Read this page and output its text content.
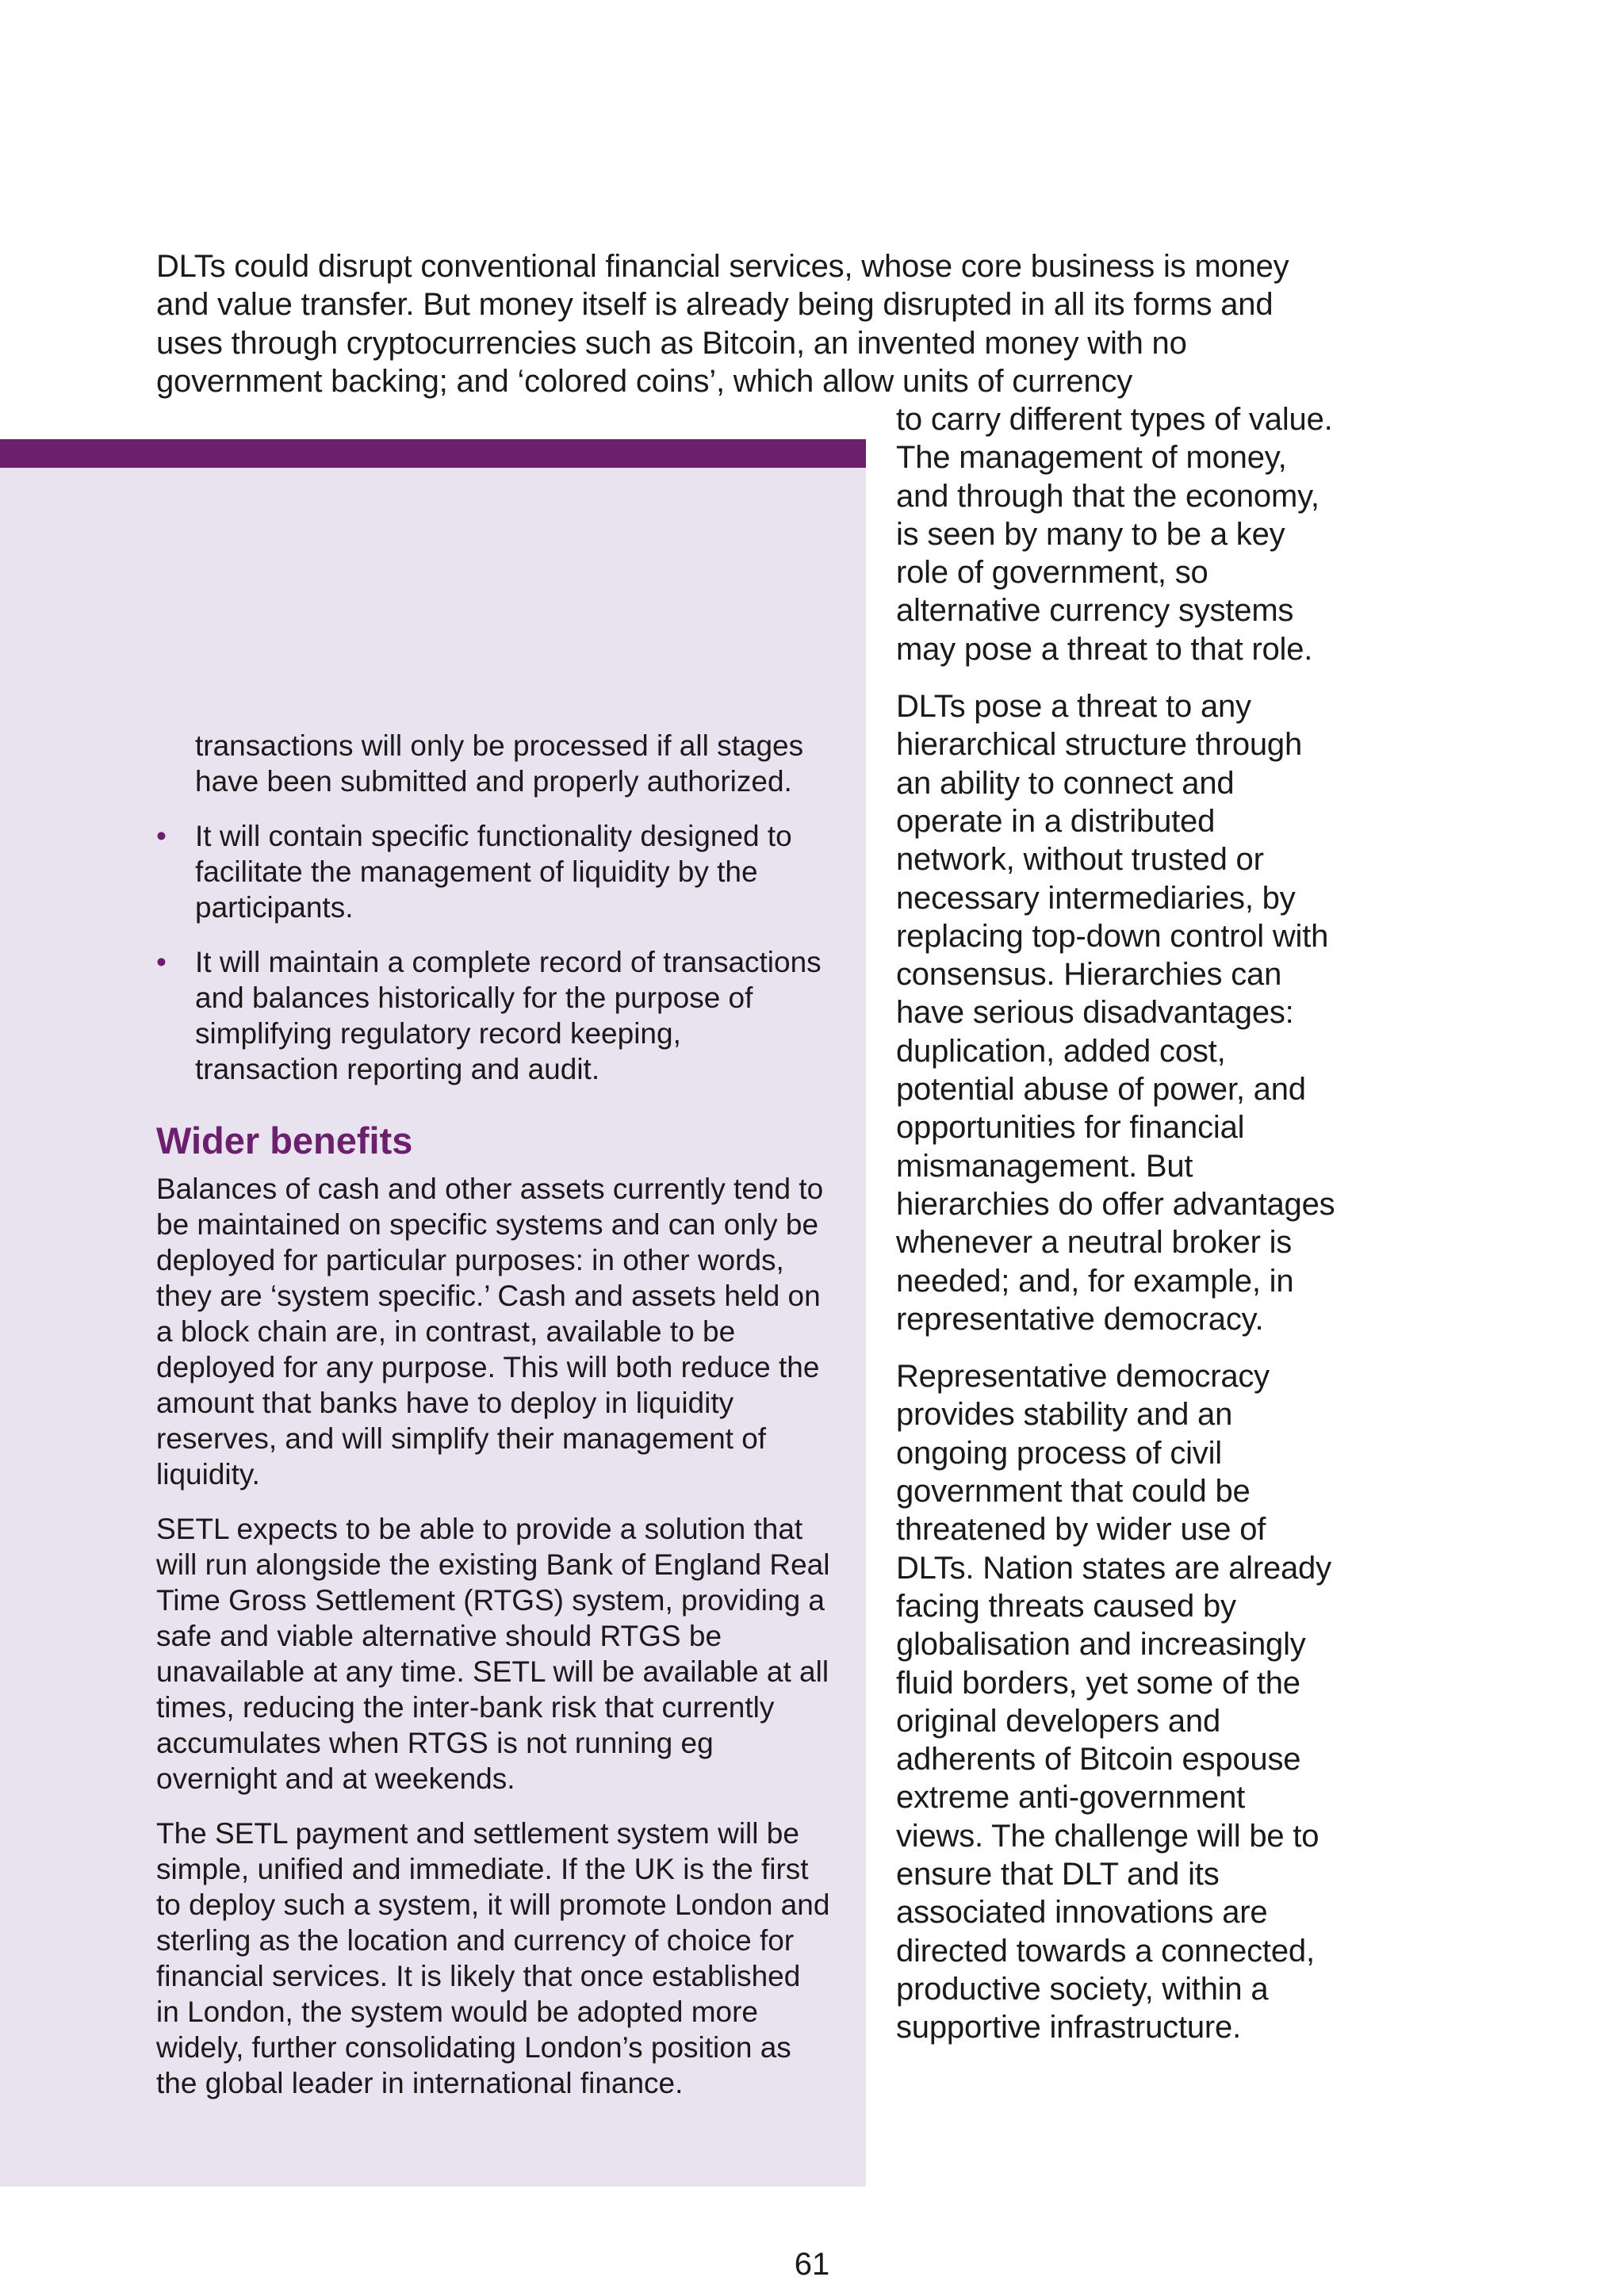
DLTs could disrupt conventional financial services, whose core business is money and value transfer. But money itself is already being disrupted in all its forms and uses through cryptocurrencies such as Bitcoin, an invented money with no government backing; and ‘colored coins’, which allow units of currency

transactions will only be processed if all stages have been submitted and properly authorized.

• It will contain specific functionality designed to facilitate the management of liquidity by the participants.
• It will maintain a complete record of transactions and balances historically for the purpose of simplifying regulatory record keeping, transaction reporting and audit.
Wider benefits

Balances of cash and other assets currently tend to be maintained on specific systems and can only be deployed for particular purposes: in other words, they are ‘system specific.’ Cash and assets held on a block chain are, in contrast, available to be deployed for any purpose. This will both reduce the amount that banks have to deploy in liquidity reserves, and will simplify their management of liquidity.

SETL expects to be able to provide a solution that will run alongside the existing Bank of England Real Time Gross Settlement (RTGS) system, providing a safe and viable alternative should RTGS be unavailable at any time. SETL will be available at all times, reducing the inter-bank risk that currently accumulates when RTGS is not running eg overnight and at weekends.

The SETL payment and settlement system will be simple, unified and immediate. If the UK is the first to deploy such a system, it will promote London and sterling as the location and currency of choice for financial services. It is likely that once established in London, the system would be adopted more widely, further consolidating London’s position as the global leader in international finance.

to carry different types of value. The management of money, and through that the economy, is seen by many to be a key role of government, so alternative currency systems may pose a threat to that role.

DLTs pose a threat to any hierarchical structure through an ability to connect and operate in a distributed network, without trusted or necessary intermediaries, by replacing top-down control with consensus. Hierarchies can have serious disadvantages: duplication, added cost, potential abuse of power, and opportunities for financial mismanagement. But hierarchies do offer advantages whenever a neutral broker is needed; and, for example, in representative democracy.

Representative democracy provides stability and an ongoing process of civil government that could be threatened by wider use of DLTs. Nation states are already facing threats caused by globalisation and increasingly fluid borders, yet some of the original developers and adherents of Bitcoin espouse extreme anti-government views. The challenge will be to ensure that DLT and its associated innovations are directed towards a connected, productive society, within a supportive infrastructure.

61
